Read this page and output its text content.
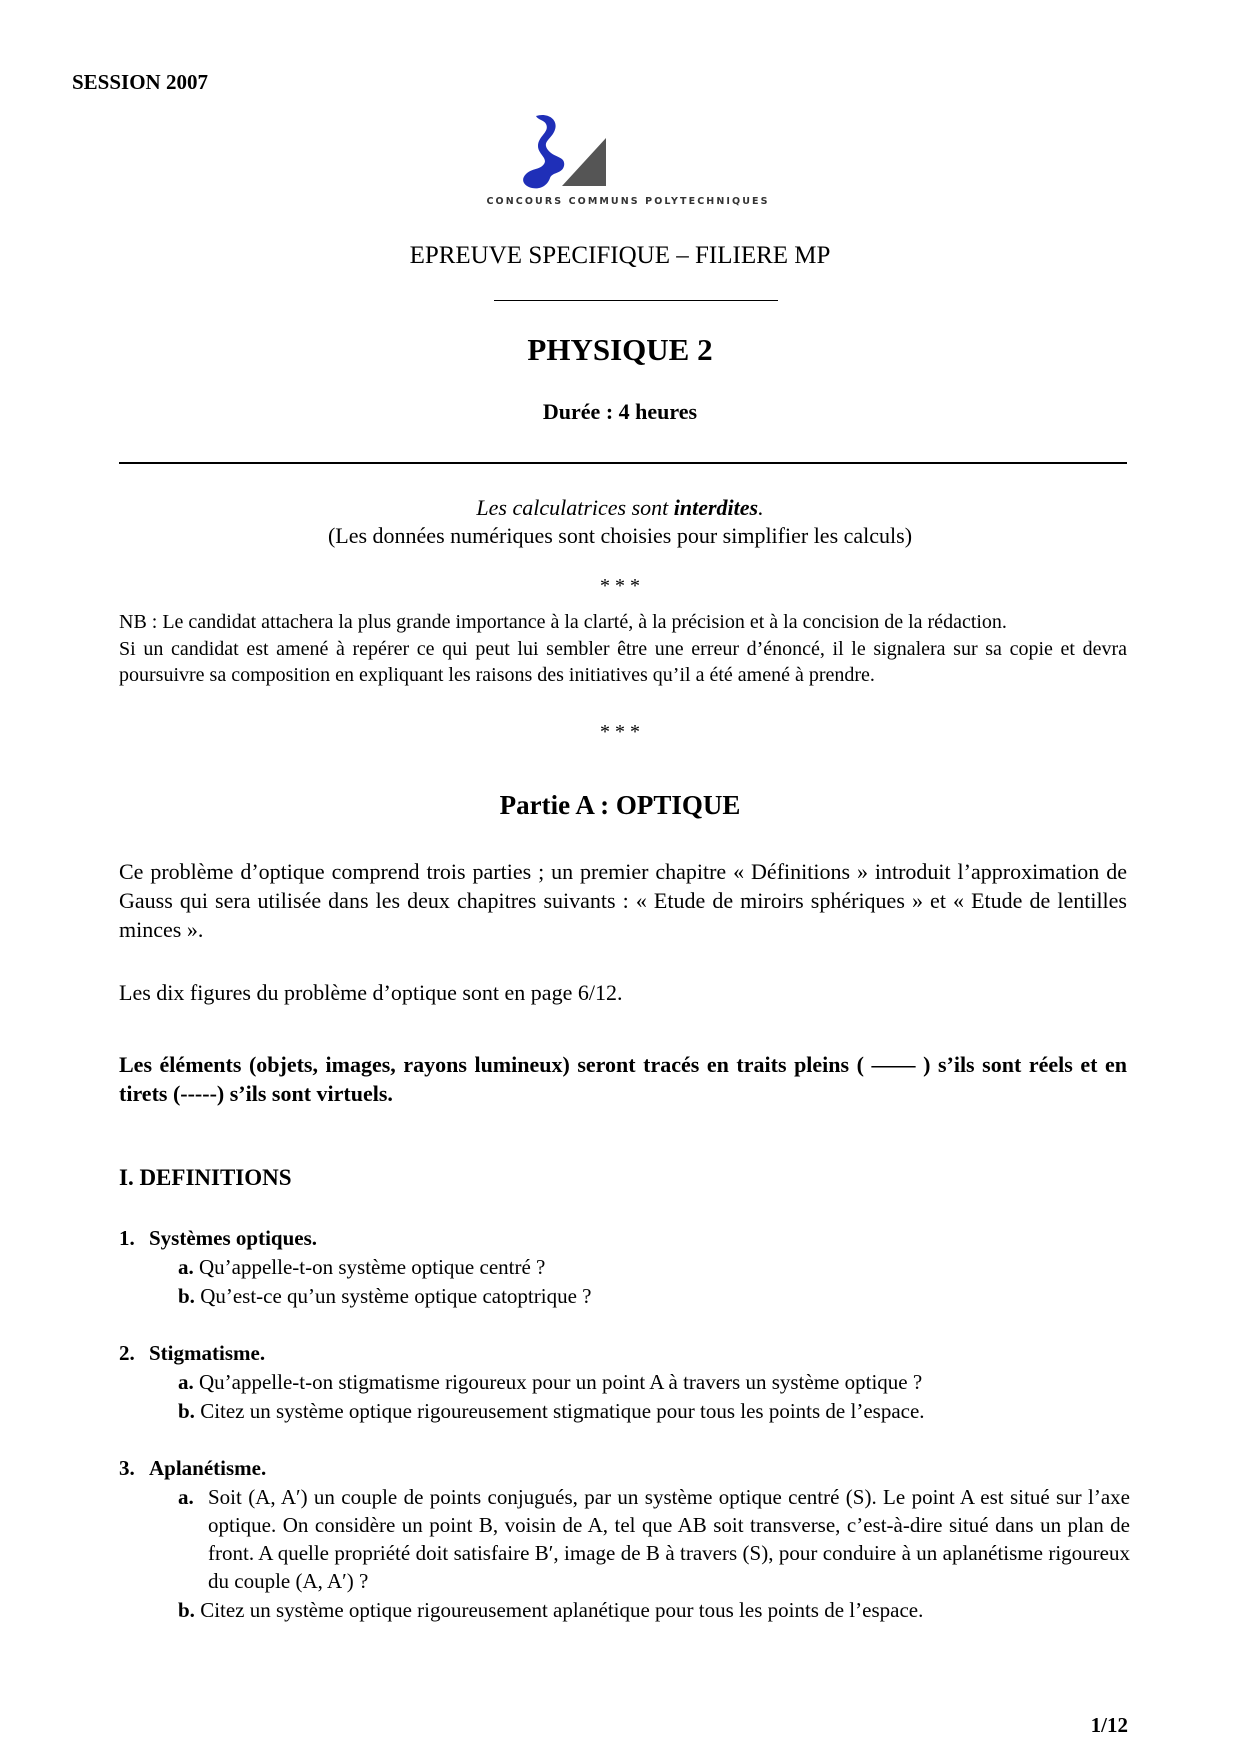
SESSION 2007
CONCOURS COMMUNS POLYTECHNIQUES
EPREUVE SPECIFIQUE – FILIERE MP
PHYSIQUE 2
Durée : 4 heures
Les calculatrices sont interdites.
(Les données numériques sont choisies pour simplifier les calculs)
* * *

NB : Le candidat attachera la plus grande importance à la clarté, à la précision et à la concision de la rédaction.

Si un candidat est amené à repérer ce qui peut lui sembler être une erreur d’énoncé, il le signalera sur sa copie et devra poursuivre sa composition en expliquant les raisons des initiatives qu’il a été amené à prendre.

* * *
Partie A : OPTIQUE

Ce problème d’optique comprend trois parties ; un premier chapitre « Définitions » introduit l’approximation de Gauss qui sera utilisée dans les deux chapitres suivants : « Etude de miroirs sphériques » et « Etude de lentilles minces ».

Les dix figures du problème d’optique sont en page 6/12.

Les éléments (objets, images, rayons lumineux) seront tracés en traits pleins ( ―― ) s’ils sont réels et en tirets (-----) s’ils sont virtuels.

I. DEFINITIONS
1. Systèmes optiques.
a. Qu’appelle-t-on système optique centré ?
b. Qu’est-ce qu’un système optique catoptrique ?
2. Stigmatisme.
a. Qu’appelle-t-on stigmatisme rigoureux pour un point A à travers un système optique ?
b. Citez un système optique rigoureusement stigmatique pour tous les points de l’espace.
3. Aplanétisme.
a. Soit (A, A′) un couple de points conjugués, par un système optique centré (S). Le point A est situé sur l’axe optique. On considère un point B, voisin de A, tel que AB soit transverse, c’est-à-dire situé dans un plan de front. A quelle propriété doit satisfaire B′, image de B à travers (S), pour conduire à un aplanétisme rigoureux du couple (A, A′) ?
b. Citez un système optique rigoureusement aplanétique pour tous les points de l’espace.
1/12
